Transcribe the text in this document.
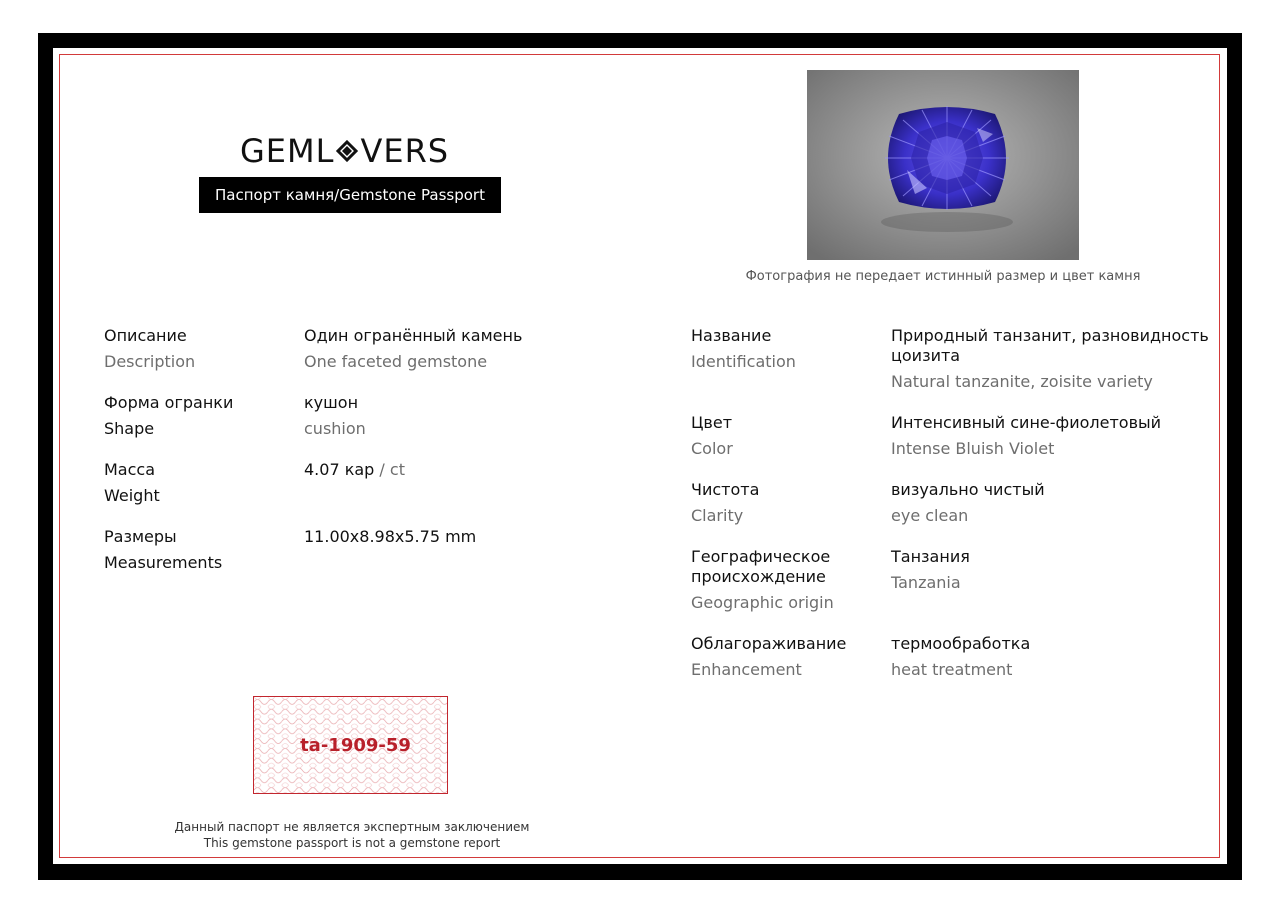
GEML VERS
Паспорт камня/Gemstone Passport
Фотография не передает истинный размер и цвет камня
Описание
Description
Один огранённый камень
One faceted gemstone
Форма огранки
Shape
кушон
cushion
Масса
Weight
4.07 кар / ct
Размеры
Measurements
11.00x8.98x5.75 mm
Название
Identification
Природный танзанит, разновидность цоизита
Natural tanzanite, zoisite variety
Цвет
Color
Интенсивный сине-фиолетовый
Intense Bluish Violet
Чистота
Clarity
визуально чистый
eye clean
Географическое происхождение
Geographic origin
Танзания
Tanzania
Облагораживание
Enhancement
термообработка
heat treatment
ta-1909-59
Данный паспорт не является экспертным заключением
This gemstone passport is not a gemstone report
